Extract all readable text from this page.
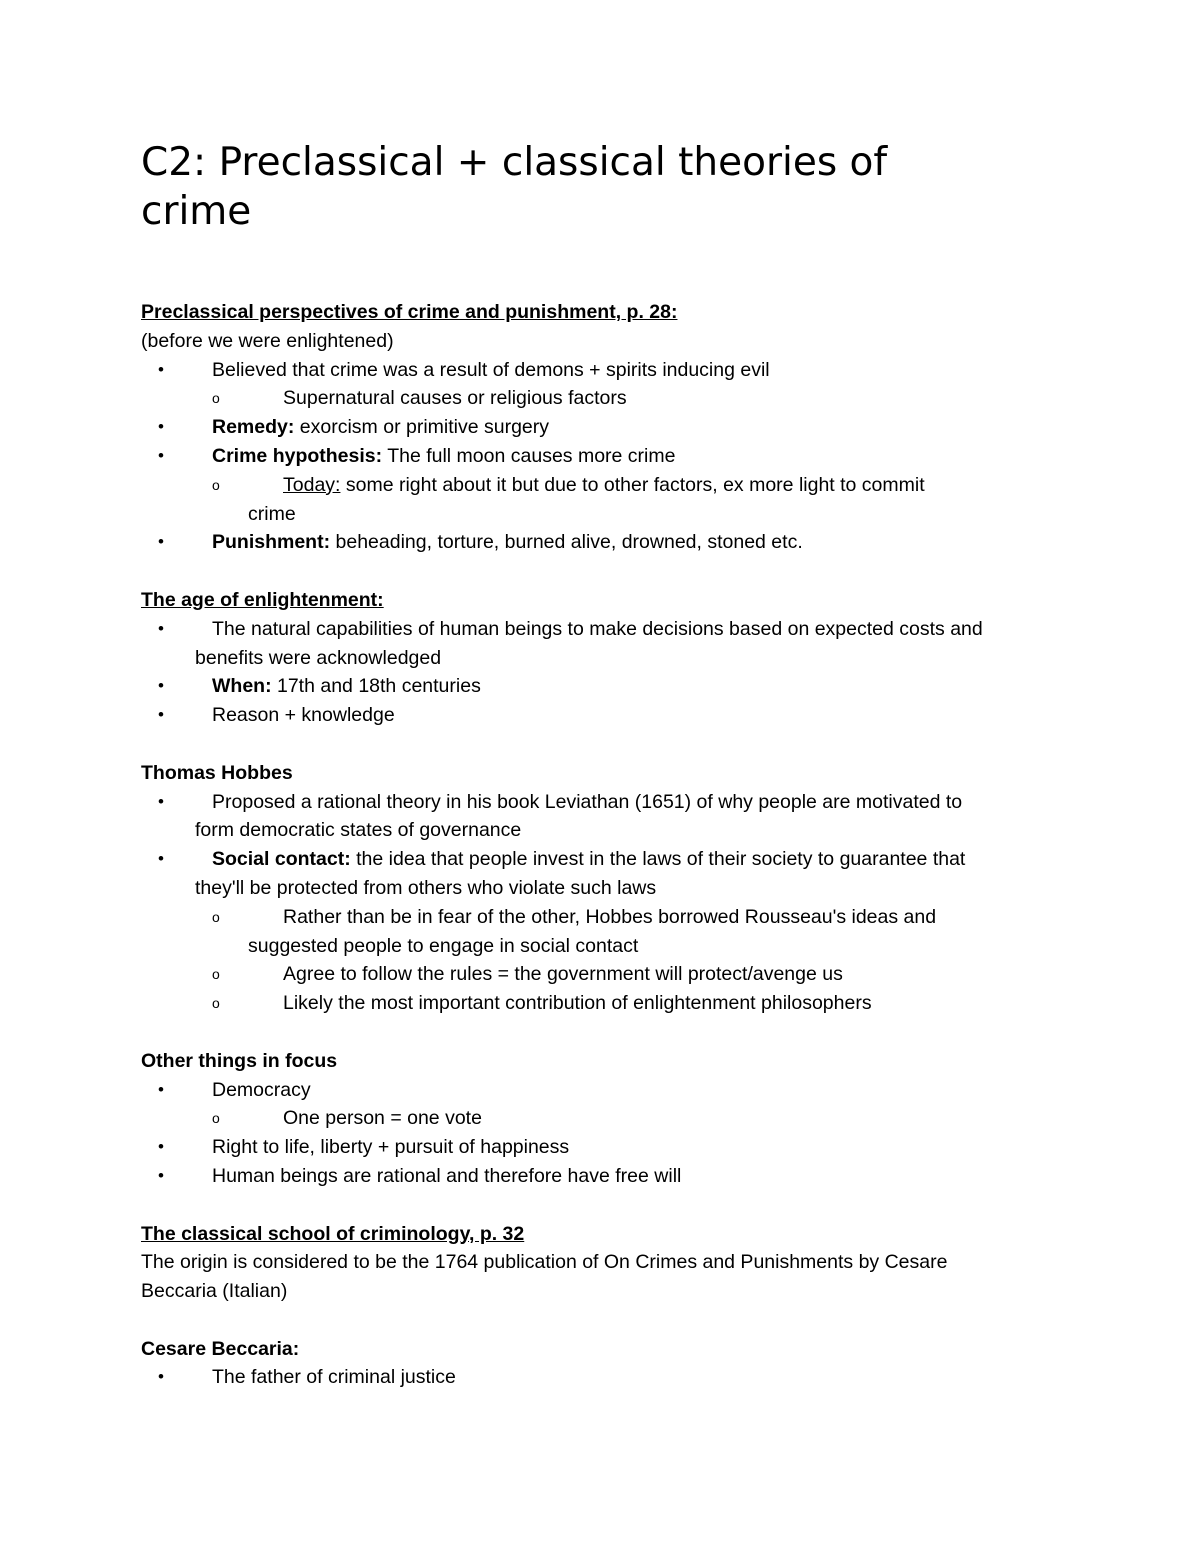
C2: Preclassical + classical theories of
crime
Preclassical perspectives of crime and punishment, p. 28:
(before we were enlightened)
•	Believed that crime was a result of demons + spirits inducing evil
o	Supernatural causes or religious factors
•	Remedy: exorcism or primitive surgery
•	Crime hypothesis: The full moon causes more crime
o	Today: some right about it but due to other factors, ex more light to commit
crime
•	Punishment: beheading, torture, burned alive, drowned, stoned etc.
The age of enlightenment:
•	The natural capabilities of human beings to make decisions based on expected costs and
benefits were acknowledged
•	When: 17th and 18th centuries
•	Reason + knowledge
Thomas Hobbes
•	Proposed a rational theory in his book Leviathan (1651) of why people are motivated to
form democratic states of governance
•	Social contact: the idea that people invest in the laws of their society to guarantee that
they'll be protected from others who violate such laws
o	Rather than be in fear of the other, Hobbes borrowed Rousseau's ideas and
suggested people to engage in social contact
o	Agree to follow the rules = the government will protect/avenge us
o	Likely the most important contribution of enlightenment philosophers
Other things in focus
•	Democracy
o	One person = one vote
•	Right to life, liberty + pursuit of happiness
•	Human beings are rational and therefore have free will
The classical school of criminology, p. 32
The origin is considered to be the 1764 publication of On Crimes and Punishments by Cesare
Beccaria (Italian)
Cesare Beccaria:
•	The father of criminal justice
